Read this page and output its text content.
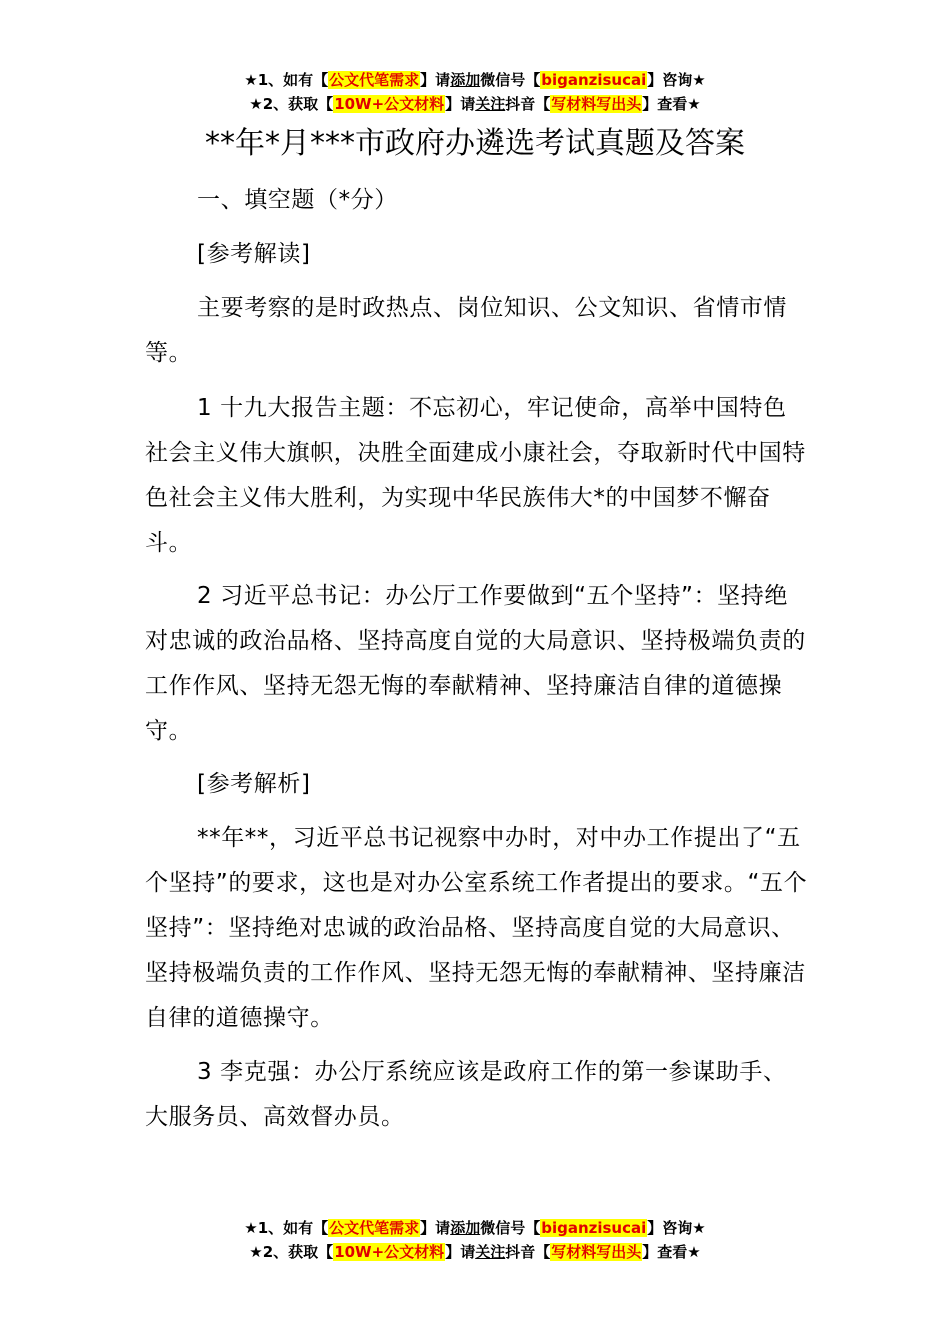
★1、如有【公文代笔需求】请添加微信号【biganzisucai】咨询★
★2、获取【10W+公文材料】请关注抖音【写材料写出头】查看★
**年*月***市政府办遴选考试真题及答案

一、填空题（*分）

[参考解读]

主要考察的是时政热点、岗位知识、公文知识、省情市情等。

1 十九大报告主题：不忘初心，牢记使命，高举中国特色社会主义伟大旗帜，决胜全面建成小康社会，夺取新时代中国特色社会主义伟大胜利，为实现中华民族伟大*的中国梦不懈奋斗。

2 习近平总书记：办公厅工作要做到“五个坚持”：坚持绝对忠诚的政治品格、坚持高度自觉的大局意识、坚持极端负责的工作作风、坚持无怨无悔的奉献精神、坚持廉洁自律的道德操守。

[参考解析]

**年**，习近平总书记视察中办时，对中办工作提出了“五个坚持”的要求，这也是对办公室系统工作者提出的要求。“五个坚持”：坚持绝对忠诚的政治品格、坚持高度自觉的大局意识、坚持极端负责的工作作风、坚持无怨无悔的奉献精神、坚持廉洁自律的道德操守。

3 李克强：办公厅系统应该是政府工作的第一参谋助手、大服务员、高效督办员。

★1、如有【公文代笔需求】请添加微信号【biganzisucai】咨询★
★2、获取【10W+公文材料】请关注抖音【写材料写出头】查看★
